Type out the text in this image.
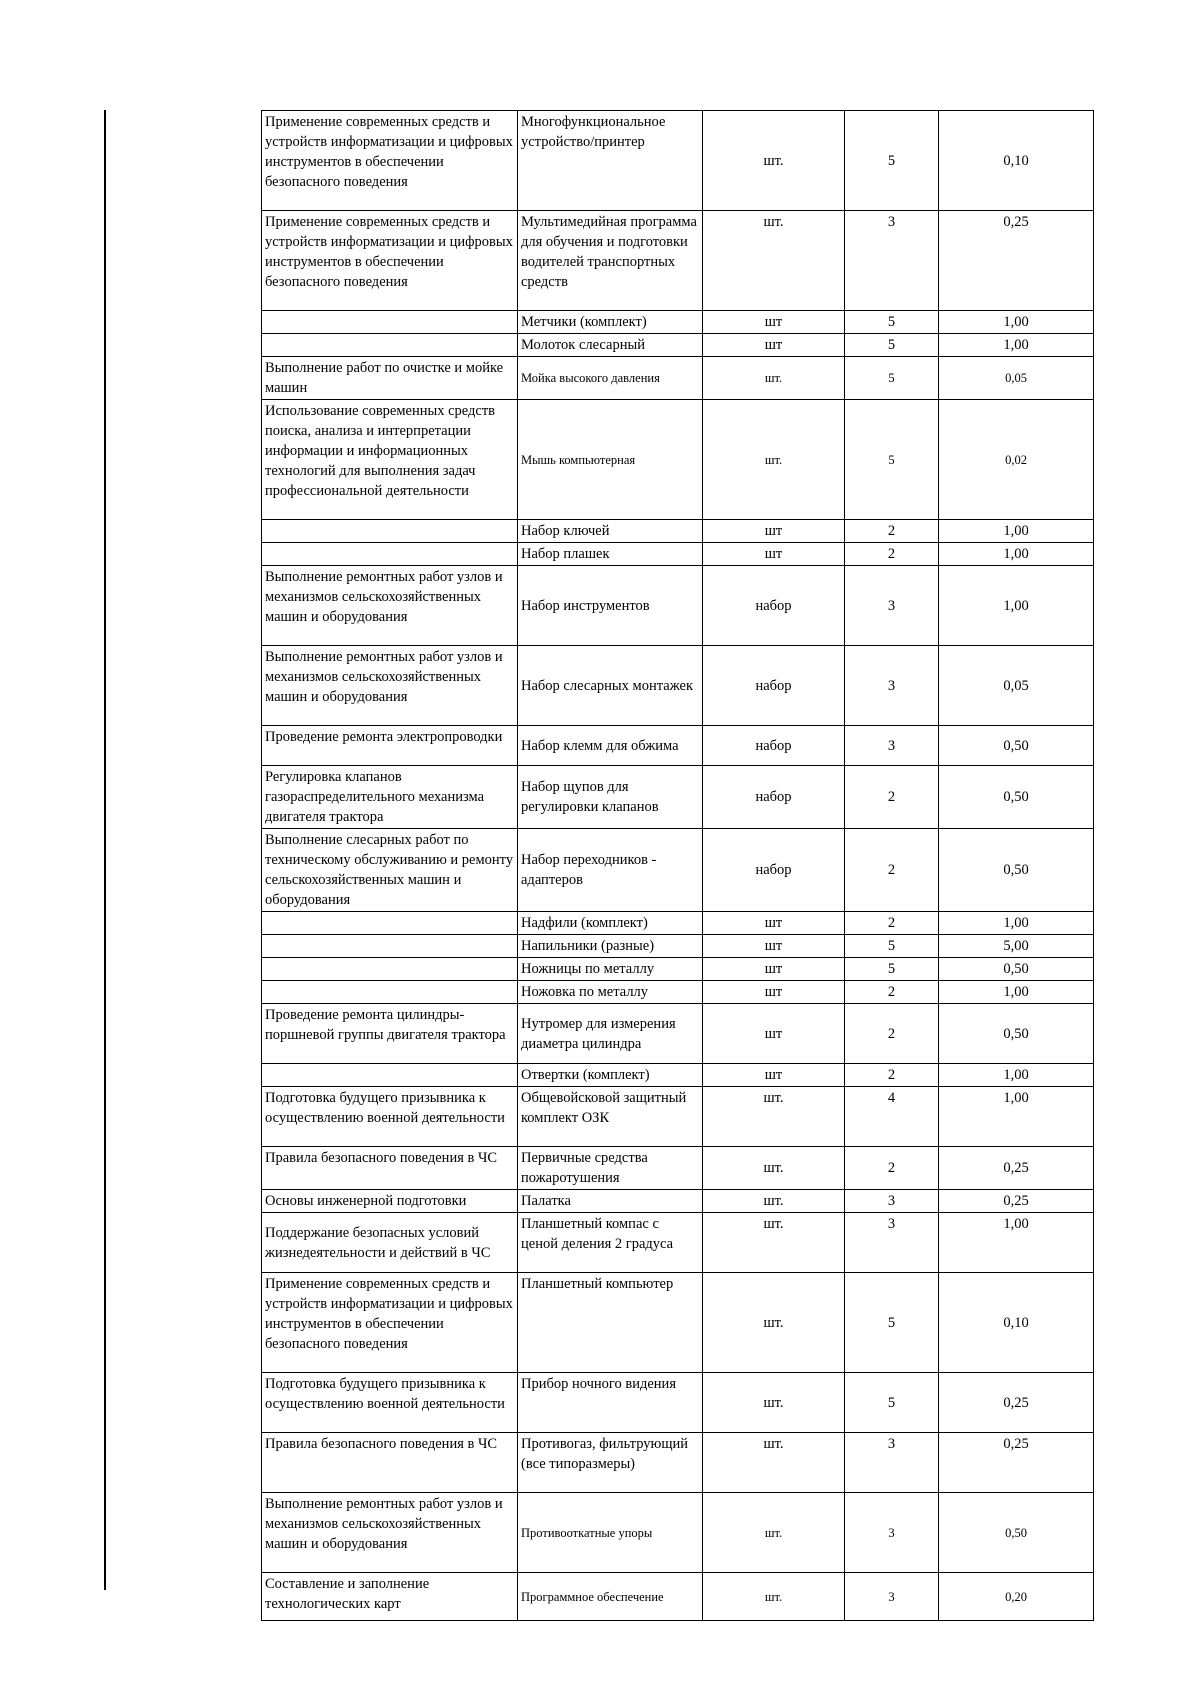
Применение современных средств и устройств информатизации и цифровых инструментов в обеспечении безопасного поведения	Многофункциональное устройство/принтер	шт.	5	0,10
Применение современных средств и устройств информатизации и цифровых инструментов в обеспечении безопасного поведения	Мультимедийная программа для обучения и подготовки водителей транспортных средств	шт.	3	0,25
	Метчики (комплект)	шт	5	1,00
	Молоток слесарный	шт	5	1,00
Выполнение работ по очистке и мойке машин	Мойка высокого давления	шт.	5	0,05
Использование современных средств поиска, анализа и интерпретации информации и информационных технологий для выполнения задач профессиональной деятельности	Мышь компьютерная	шт.	5	0,02
	Набор ключей	шт	2	1,00
	Набор плашек	шт	2	1,00
Выполнение ремонтных работ узлов и механизмов сельскохозяйственных машин и оборудования	Набор инструментов	набор	3	1,00
Выполнение ремонтных работ узлов и механизмов сельскохозяйственных машин и оборудования	Набор слесарных монтажек	набор	3	0,05
Проведение ремонта электропроводки	Набор клемм для обжима	набор	3	0,50
Регулировка клапанов газораспределительного механизма двигателя трактора	Набор щупов для регулировки клапанов	набор	2	0,50
Выполнение слесарных работ по техническому обслуживанию и ремонту сельскохозяйственных машин и оборудования	Набор переходников - адаптеров	набор	2	0,50
	Надфили (комплект)	шт	2	1,00
	Напильники (разные)	шт	5	5,00
	Ножницы по металлу	шт	5	0,50
	Ножовка по металлу	шт	2	1,00
Проведение ремонта цилиндры-поршневой группы двигателя трактора	Нутромер для измерения диаметра цилиндра	шт	2	0,50
	Отвертки (комплект)	шт	2	1,00
Подготовка будущего призывника к осуществлению военной деятельности	Общевойсковой защитный комплект ОЗК	шт.	4	1,00
Правила безопасного поведения в ЧС	Первичные средства пожаротушения	шт.	2	0,25
Основы инженерной подготовки	Палатка	шт.	3	0,25
Поддержание безопасных условий жизнедеятельности и действий в ЧС	Планшетный компас с ценой деления 2 градуса	шт.	3	1,00
Применение современных средств и устройств информатизации и цифровых инструментов в обеспечении безопасного поведения	Планшетный компьютер	шт.	5	0,10
Подготовка будущего призывника к осуществлению военной деятельности	Прибор ночного видения	шт.	5	0,25
Правила безопасного поведения в ЧС	Противогаз, фильтрующий (все типоразмеры)	шт.	3	0,25
Выполнение ремонтных работ узлов и механизмов сельскохозяйственных машин и оборудования	Противооткатные упоры	шт.	3	0,50
Составление и заполнение технологических карт	Программное обеспечение	шт.	3	0,20
